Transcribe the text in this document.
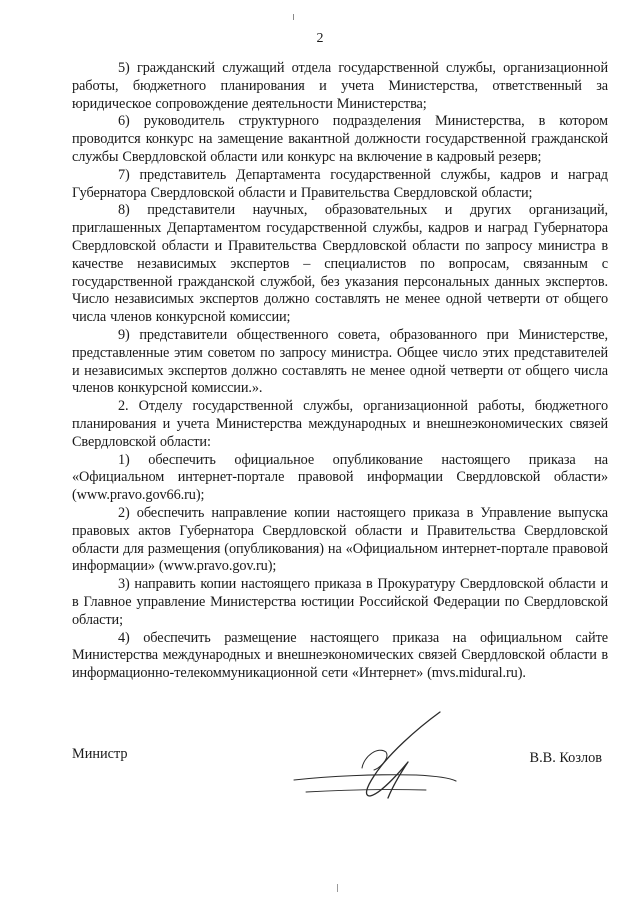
2

5) гражданский служащий отдела государственной службы, организационной работы, бюджетного планирования и учета Министерства, ответственный за юридическое сопровождение деятельности Министерства;

6) руководитель структурного подразделения Министерства, в котором проводится конкурс на замещение вакантной должности государственной гражданской службы Свердловской области или конкурс на включение в кадровый резерв;

7) представитель Департамента государственной службы, кадров и наград Губернатора Свердловской области и Правительства Свердловской области;

8) представители научных, образовательных и других организаций, приглашенных Департаментом государственной службы, кадров и наград Губернатора Свердловской области и Правительства Свердловской области по запросу министра в качестве независимых экспертов – специалистов по вопросам, связанным с государственной гражданской службой, без указания персональных данных экспертов. Число независимых экспертов должно составлять не менее одной четверти от общего числа членов конкурсной комиссии;

9) представители общественного совета, образованного при Министерстве, представленные этим советом по запросу министра. Общее число этих представителей и независимых экспертов должно составлять не менее одной четверти от общего числа членов конкурсной комиссии.».

2. Отделу государственной службы, организационной работы, бюджетного планирования и учета Министерства международных и внешнеэкономических связей Свердловской области:

1) обеспечить официальное опубликование настоящего приказа на «Официальном интернет-портале правовой информации Свердловской области» (www.pravo.gov66.ru);

2) обеспечить направление копии настоящего приказа в Управление выпуска правовых актов Губернатора Свердловской области и Правительства Свердловской области для размещения (опубликования) на «Официальном интернет-портале правовой информации» (www.pravo.gov.ru);

3) направить копии настоящего приказа в Прокуратуру Свердловской области и в Главное управление Министерства юстиции Российской Федерации по Свердловской области;

4) обеспечить размещение настоящего приказа на официальном сайте Министерства международных и внешнеэкономических связей Свердловской области в информационно-телекоммуникационной сети «Интернет» (mvs.midural.ru).

Министр	В.В. Козлов
